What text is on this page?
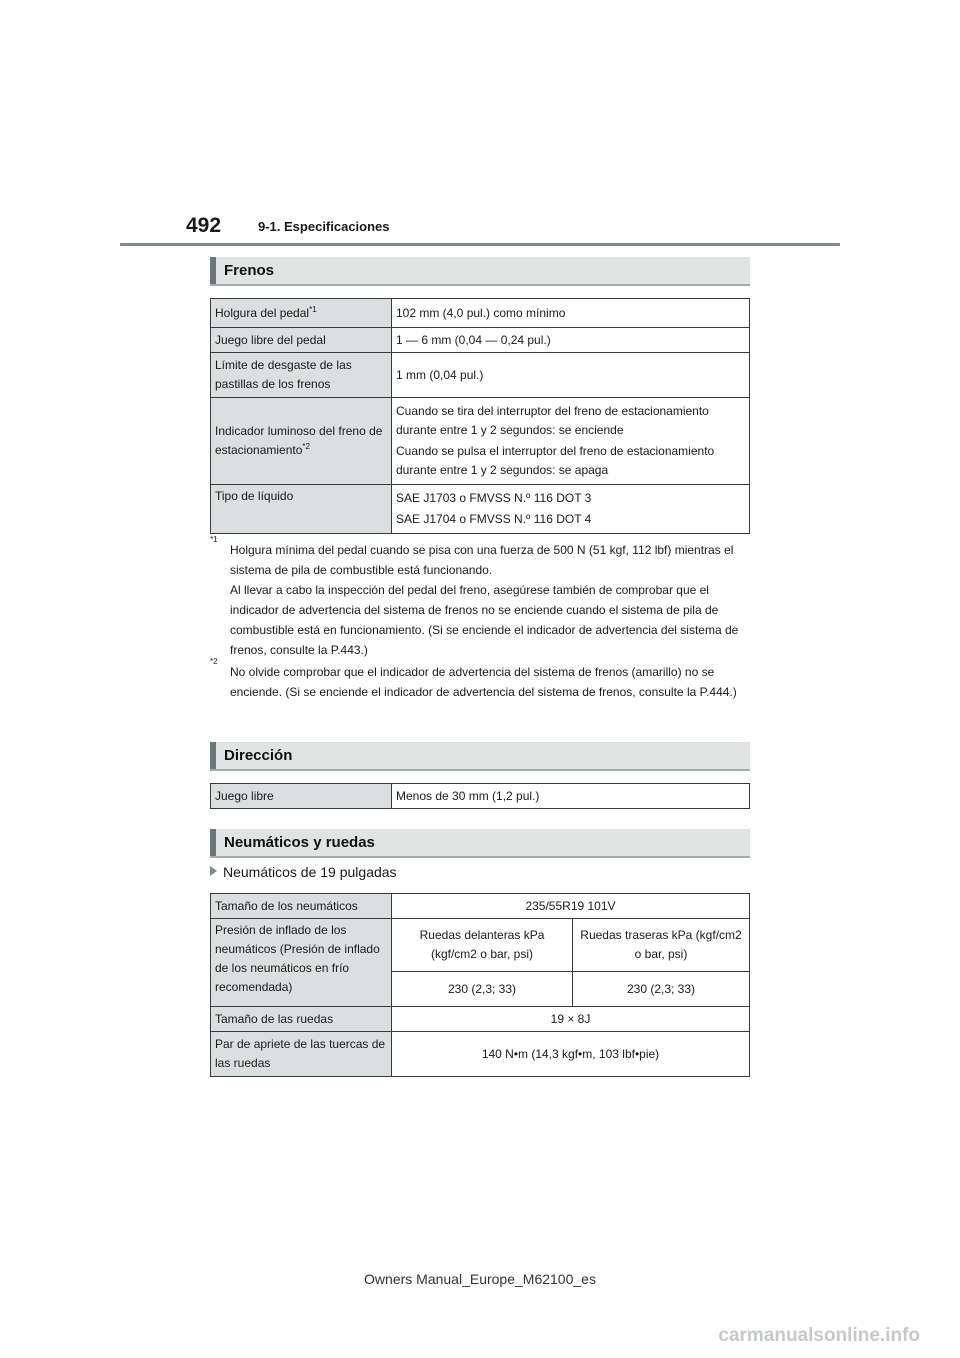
492	9-1. Especificaciones
Frenos
Holgura del pedal$^{*1}$	102 mm (4,0 pul.) como mínimo
Juego libre del pedal	1 — 6 mm (0,04 — 0,24 pul.)
Límite de desgaste de las pastillas de los frenos	1 mm (0,04 pul.)
Indicador luminoso del freno de estacionamiento$^{*2}$	Cuando se tira del interruptor del freno de estacionamiento durante entre 1 y 2 segundos: se enciende

Cuando se pulsa el interruptor del freno de estacionamiento durante entre 1 y 2 segundos: se apaga

Tipo de líquido	SAE J1703 o FMVSS N.º 116 DOT 3

SAE J1704 o FMVSS N.º 116 DOT 4

*1

Holgura mínima del pedal cuando se pisa con una fuerza de 500 N (51 kgf, 112 lbf) mientras el sistema de pila de combustible está funcionando.

Al llevar a cabo la inspección del pedal del freno, asegúrese también de comprobar que el indicador de advertencia del sistema de frenos no se enciende cuando el sistema de pila de combustible está en funcionamiento. (Si se enciende el indicador de advertencia del sistema de frenos, consulte la P.443.)

*2

No olvide comprobar que el indicador de advertencia del sistema de frenos (amarillo) no se enciende. (Si se enciende el indicador de advertencia del sistema de frenos, consulte la P.444.)

Dirección
Juego libre	Menos de 30 mm (1,2 pul.)
Neumáticos y ruedas
Neumáticos de 19 pulgadas
Tamaño de los neumáticos	235/55R19 101V	
Presión de inflado de los neumáticos (Presión de inflado de los neumáticos en frío recomendada)	Ruedas delanteras kPa (kgf/cm2 o bar, psi)	Ruedas traseras kPa (kgf/cm2 o bar, psi)
	230 (2,3; 33)	230 (2,3; 33)
Tamaño de las ruedas	19 × 8J	
Par de apriete de las tuercas de las ruedas	140 N•m (14,3 kgf•m, 103 lbf•pie)	
Owners Manual_Europe_M62100_es
carmanualsonline.info
